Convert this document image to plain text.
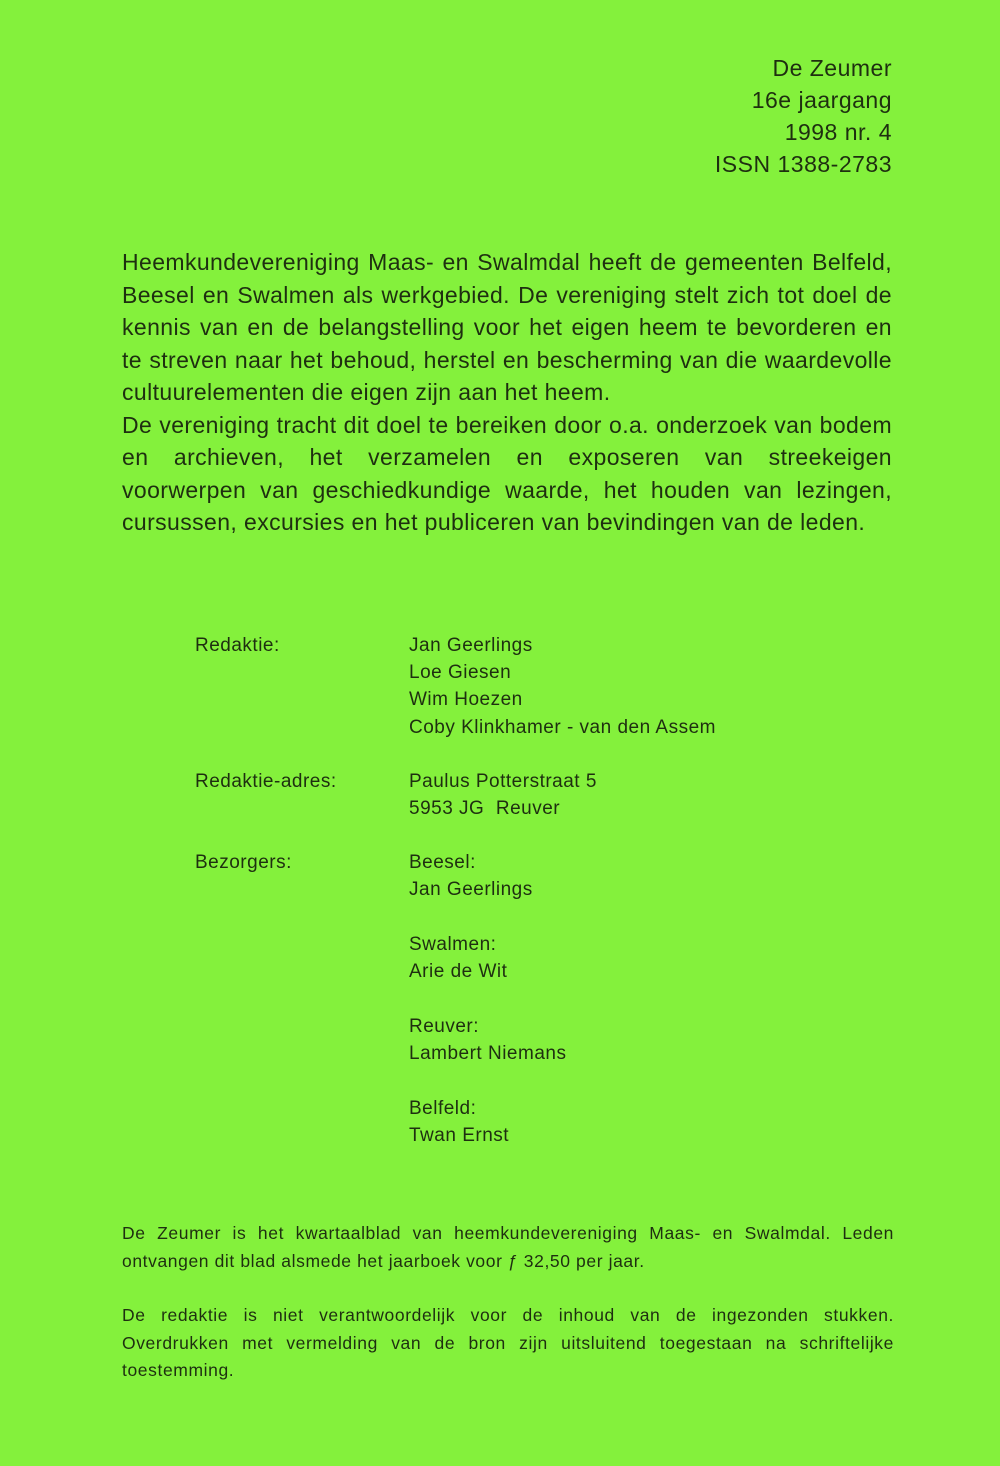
De Zeumer
16e jaargang
1998 nr. 4
ISSN 1388-2783

Heemkundevereniging Maas- en Swalmdal heeft de gemeenten Belfeld, Beesel en Swalmen als werkgebied. De vereniging stelt zich tot doel de kennis van en de belangstelling voor het eigen heem te bevorderen en te streven naar het behoud, herstel en bescherming van die waardevolle cultuurelementen die eigen zijn aan het heem.

De vereniging tracht dit doel te bereiken door o.a. onderzoek van bodem en archieven, het verzamelen en exposeren van streekeigen voorwerpen van geschiedkundige waarde, het houden van lezingen, cursussen, excursies en het publiceren van bevindingen van de leden.

Redaktie:	Jan Geerlings
Loe Giesen
Wim Hoezen
Coby Klinkhamer - van den Assem
Redaktie-adres:	Paulus Potterstraat 5
5953 JG  Reuver
Bezorgers:	Beesel:
Jan Geerlings
Swalmen:
Arie de Wit
Reuver:
Lambert Niemans
Belfeld:
Twan Ernst

De Zeumer is het kwartaalblad van heemkundevereniging Maas- en Swalmdal. Leden ontvangen dit blad alsmede het jaarboek voor ƒ 32,50 per jaar.

De redaktie is niet verantwoordelijk voor de inhoud van de ingezonden stukken. Overdrukken met vermelding van de bron zijn uitsluitend toegestaan na schriftelijke toestemming.
